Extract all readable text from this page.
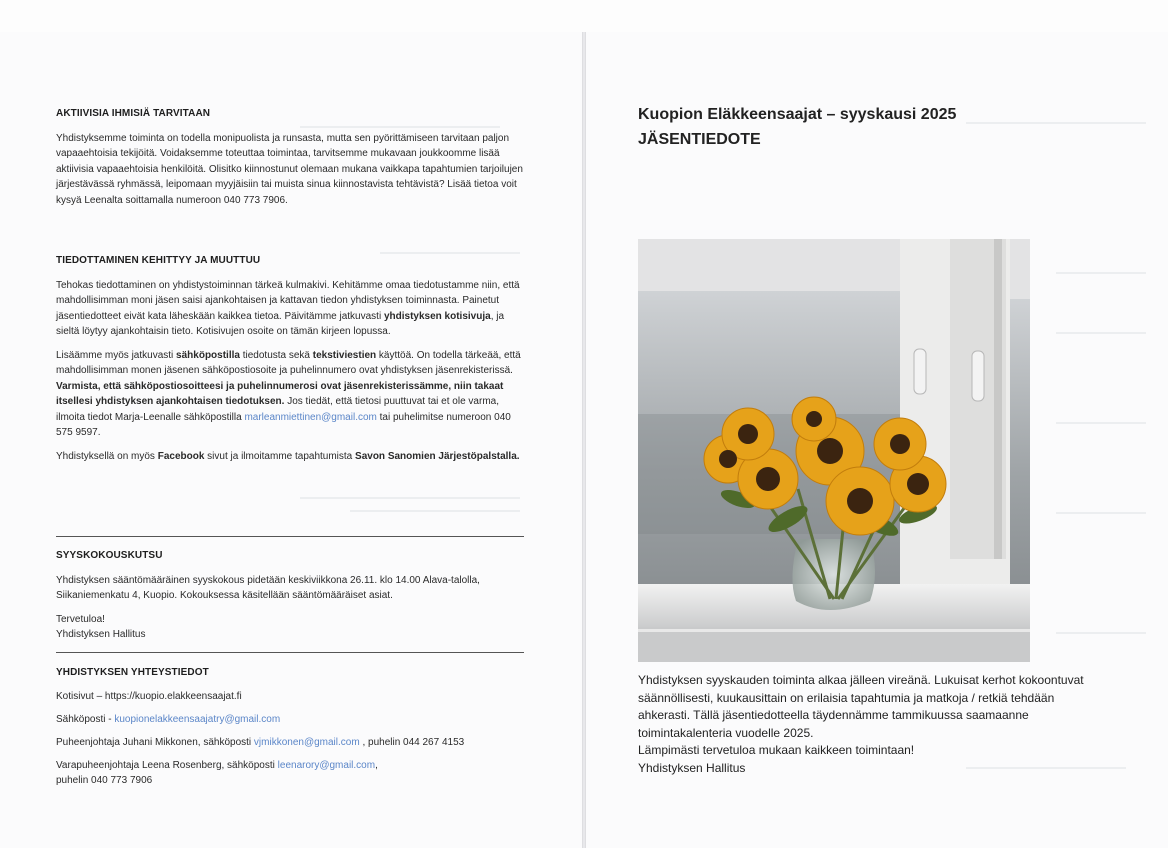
AKTIIVISIA IHMISIÄ TARVITAAN

Yhdistyksemme toiminta on todella monipuolista ja runsasta, mutta sen pyörittämiseen tarvitaan paljon vapaaehtoisia tekijöitä. Voidaksemme toteuttaa toimintaa, tarvitsemme mukavaan joukkoomme lisää aktiivisia vapaaehtoisia henkilöitä. Olisitko kiinnostunut olemaan mukana vaikkapa tapahtumien tarjoilujen järjestävässä ryhmässä, leipomaan myyjäisiin tai muista sinua kiinnostavista tehtävistä? Lisää tietoa voit kysyä Leenalta soittamalla numeroon 040 773 7906.

TIEDOTTAMINEN KEHITTYY JA MUUTTUU

Tehokas tiedottaminen on yhdistystoiminnan tärkeä kulmakivi. Kehitämme omaa tiedotustamme niin, että mahdollisimman moni jäsen saisi ajankohtaisen ja kattavan tiedon yhdistyksen toiminnasta. Painetut jäsentiedotteet eivät kata läheskään kaikkea tietoa. Päivitämme jatkuvasti yhdistyksen kotisivuja, ja sieltä löytyy ajankohtaisin tieto. Kotisivujen osoite on tämän kirjeen lopussa.

Lisäämme myös jatkuvasti sähköpostilla tiedotusta sekä tekstiviestien käyttöä. On todella tärkeää, että mahdollisimman monen jäsenen sähköpostiosoite ja puhelinnumero ovat yhdistyksen jäsenrekisterissä. Varmista, että sähköpostiosoitteesi ja puhelinnumerosi ovat jäsenrekisterissämme, niin takaat itsellesi yhdistyksen ajankohtaisen tiedotuksen. Jos tiedät, että tietosi puuttuvat tai et ole varma, ilmoita tiedot Marja-Leenalle sähköpostilla marleanmiettinen@gmail.com tai puhelimitse numeroon 040 575 9597.

Yhdistyksellä on myös Facebook sivut ja ilmoitamme tapahtumista Savon Sanomien Järjestöpalstalla.

SYYSKOKOUSKUTSU

Yhdistyksen sääntömääräinen syyskokous pidetään keskiviikkona 26.11. klo 14.00 Alava-talolla, Siikaniemenkatu 4, Kuopio. Kokouksessa käsitellään sääntömääräiset asiat.

Tervetuloa!
Yhdistyksen Hallitus
YHDISTYKSEN YHTEYSTIEDOT

Kotisivut – https://kuopio.elakkeensaajat.fi

Sähköposti - kuopionelakkeensaajatry@gmail.com

Puheenjohtaja Juhani Mikkonen, sähköposti vjmikkonen@gmail.com , puhelin 044 267 4153

Varapuheenjohtaja Leena Rosenberg, sähköposti leenarory@gmail.com,

puhelin 040 773 7906
Kuopion Eläkkeensaajat – syyskausi 2025
JÄSENTIEDOTE

Yhdistyksen syyskauden toiminta alkaa jälleen vireänä. Lukuisat kerhot kokoontuvat säännöllisesti, kuukausittain on erilaisia tapahtumia ja matkoja / retkiä tehdään ahkerasti. Tällä jäsentiedotteella täydennämme tammikuussa saamaanne toimintakalenteria vuodelle 2025.

Lämpimästi tervetuloa mukaan kaikkeen toimintaan!

Yhdistyksen Hallitus
